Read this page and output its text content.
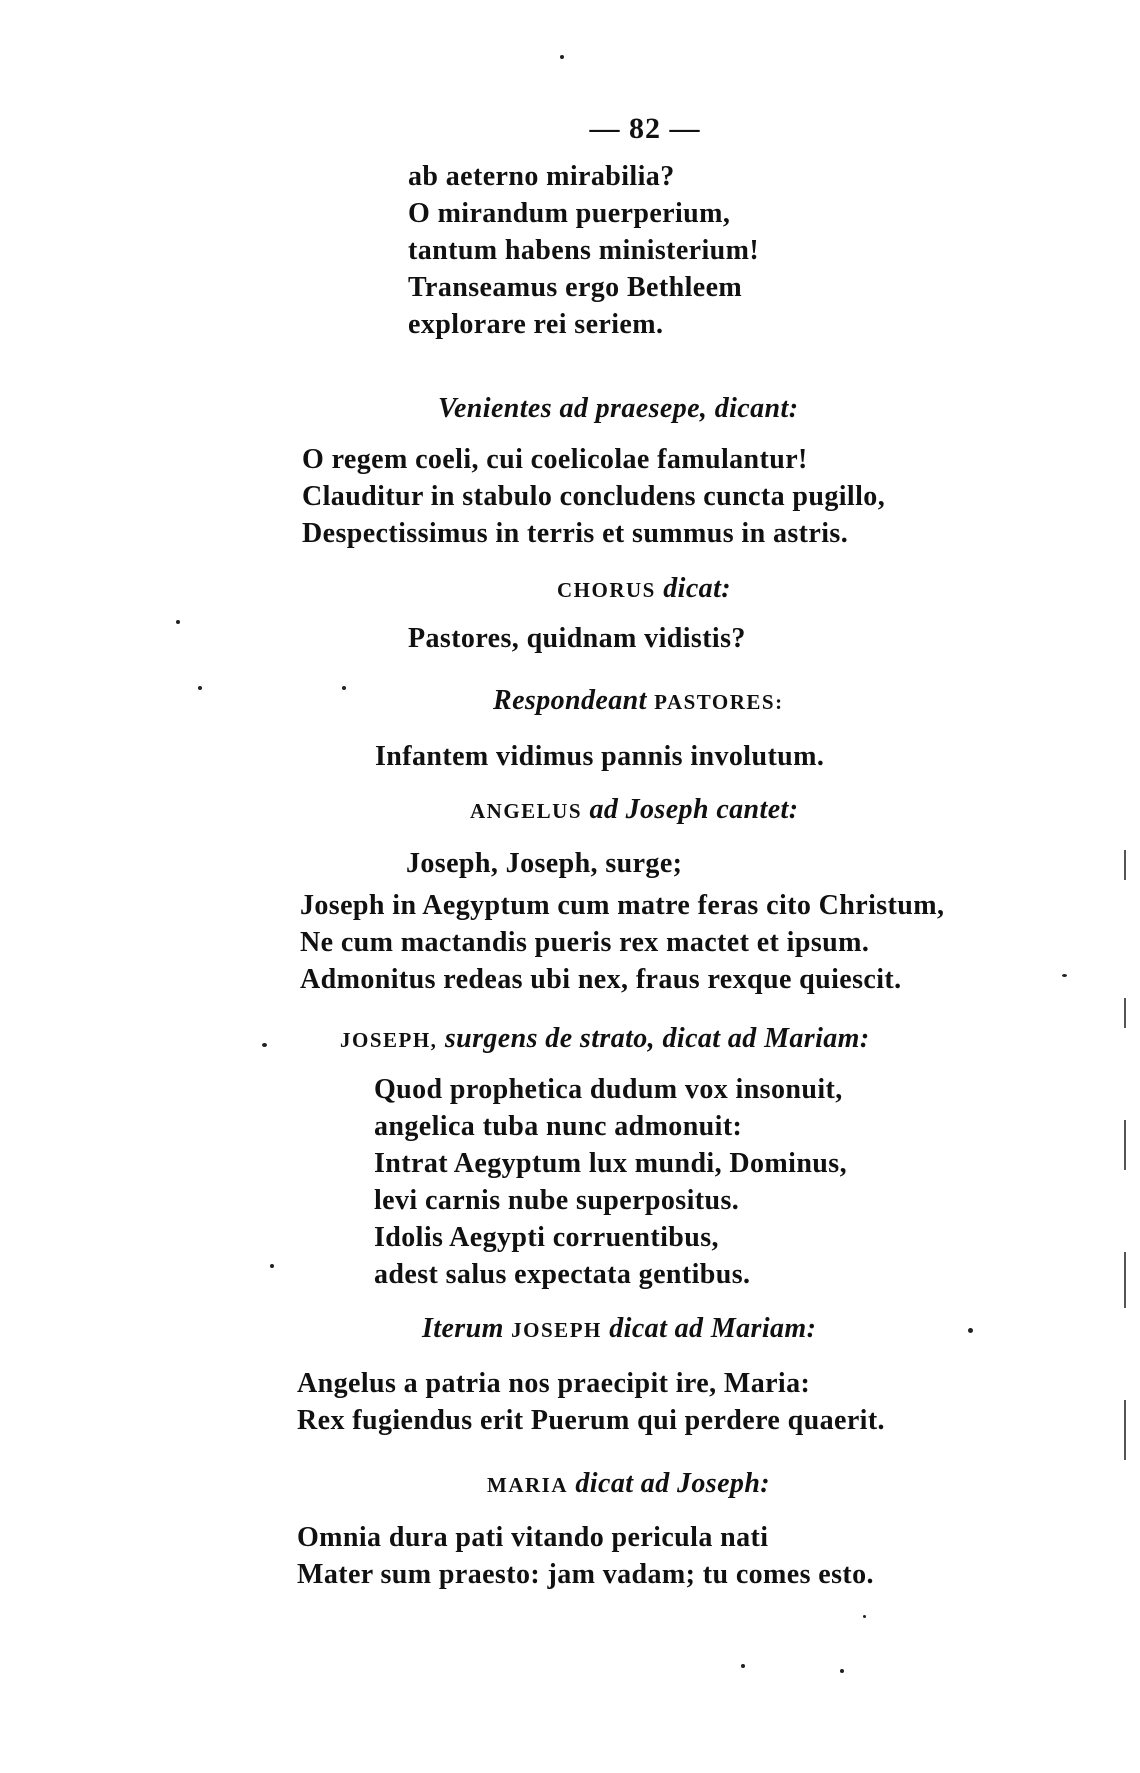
— 82 —
ab aeterno mirabilia?
O mirandum puerperium,
tantum habens ministerium!
Transeamus ergo Bethleem
explorare rei seriem.
Venientes ad praesepe, dicant:
O regem coeli, cui coelicolae famulantur!
Clauditur in stabulo concludens cuncta pugillo,
Despectissimus in terris et summus in astris.
CHORUS dicat:
Pastores, quidnam vidistis?
Respondeant PASTORES:
Infantem vidimus pannis involutum.
ANGELUS ad Joseph cantet:
Joseph, Joseph, surge;
Joseph in Aegyptum cum matre feras cito Christum,
Ne cum mactandis pueris rex mactet et ipsum.
Admonitus redeas ubi nex, fraus rexque quiescit.
JOSEPH, surgens de strato, dicat ad Mariam:
Quod prophetica dudum vox insonuit,
angelica tuba nunc admonuit:
Intrat Aegyptum lux mundi, Dominus,
levi carnis nube superpositus.
Idolis Aegypti corruentibus,
adest salus expectata gentibus.
Iterum JOSEPH dicat ad Mariam:
Angelus a patria nos praecipit ire, Maria:
Rex fugiendus erit Puerum qui perdere quaerit.
MARIA dicat ad Joseph:
Omnia dura pati vitando pericula nati
Mater sum praesto: jam vadam; tu comes esto.
